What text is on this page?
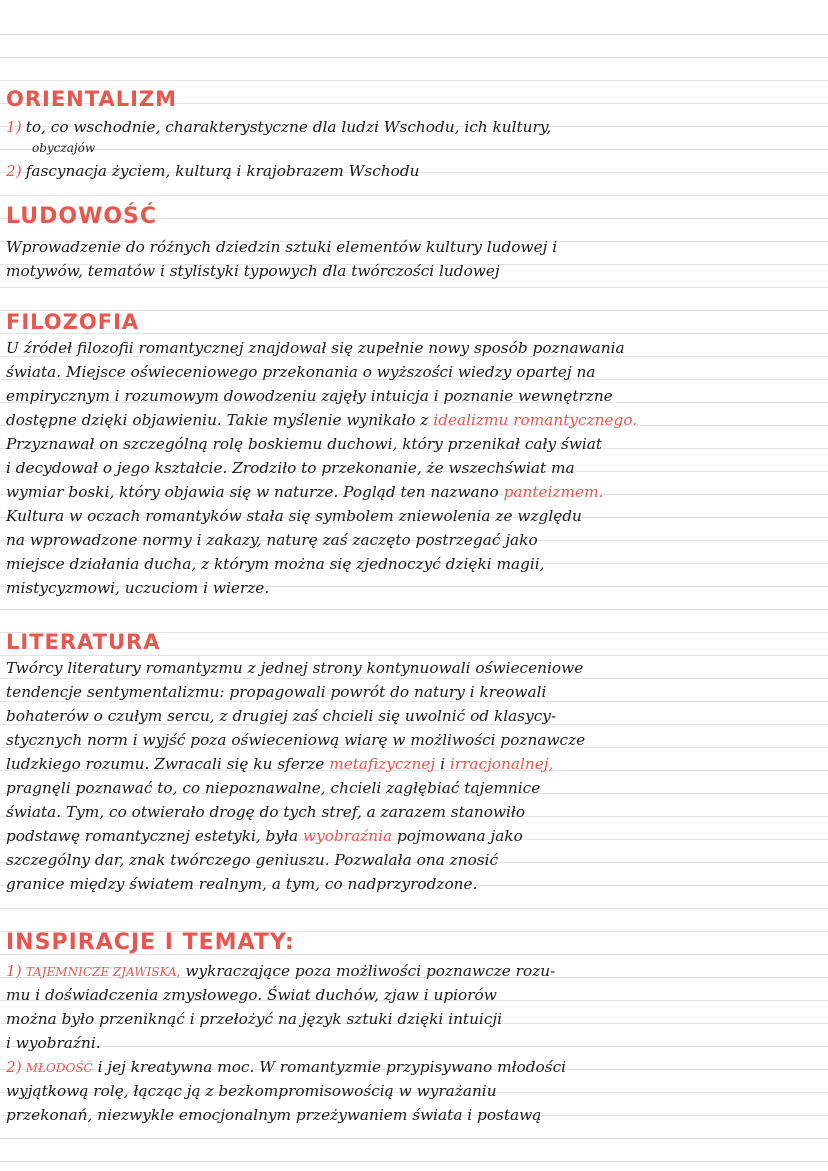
ORIENTALIZM
1) to, co wschodnie, charakterystyczne dla ludzi Wschodu, ich kultury,
obyczajów
2) fascynacja życiem, kulturą i krajobrazem Wschodu
LUDOWOŚĆ
Wprowadzenie do różnych dziedzin sztuki elementów kultury ludowej i
motywów, tematów i stylistyki typowych dla twórczości ludowej
FILOZOFIA
U źródeł filozofii romantycznej znajdował się zupełnie nowy sposób poznawania
świata. Miejsce oświeceniowego przekonania o wyższości wiedzy opartej na
empirycznym i rozumowym dowodzeniu zajęły intuicja i poznanie wewnętrzne
dostępne dzięki objawieniu. Takie myślenie wynikało z idealizmu romantycznego.
Przyznawał on szczególną rolę boskiemu duchowi, który przenikał cały świat
i decydował o jego kształcie. Zrodziło to przekonanie, że wszechświat ma
wymiar boski, który objawia się w naturze. Pogląd ten nazwano panteizmem.
Kultura w oczach romantyków stała się symbolem zniewolenia ze względu
na wprowadzone normy i zakazy, naturę zaś zaczęto postrzegać jako
miejsce działania ducha, z którym można się zjednoczyć dzięki magii,
mistycyzmowi, uczuciom i wierze.
LITERATURA
Twórcy literatury romantyzmu z jednej strony kontynuowali oświeceniowe
tendencje sentymentalizmu: propagowali powrót do natury i kreowali
bohaterów o czułym sercu, z drugiej zaś chcieli się uwolnić od klasycy-
stycznych norm i wyjść poza oświeceniową wiarę w możliwości poznawcze
ludzkiego rozumu. Zwracali się ku sferze metafizycznej i irracjonalnej,
pragnęli poznawać to, co niepoznawalne, chcieli zagłębiać tajemnice
świata. Tym, co otwierało drogę do tych stref, a zarazem stanowiło
podstawę romantycznej estetyki, była wyobraźnia pojmowana jako
szczególny dar, znak twórczego geniuszu. Pozwalała ona znosić
granice między światem realnym, a tym, co nadprzyrodzone.
INSPIRACJE I TEMATY:
1) TAJEMNICZE ZJAWISKA, wykraczające poza możliwości poznawcze rozu-
mu i doświadczenia zmysłowego. Świat duchów, zjaw i upiorów
można było przeniknąć i przełożyć na język sztuki dzięki intuicji
i wyobraźni.
2) MŁODOŚĆ i jej kreatywna moc. W romantyzmie przypisywano młodości
wyjątkową rolę, łącząc ją z bezkompromisowością w wyrażaniu
przekonań, niezwykle emocjonalnym przeżywaniem świata i postawą
